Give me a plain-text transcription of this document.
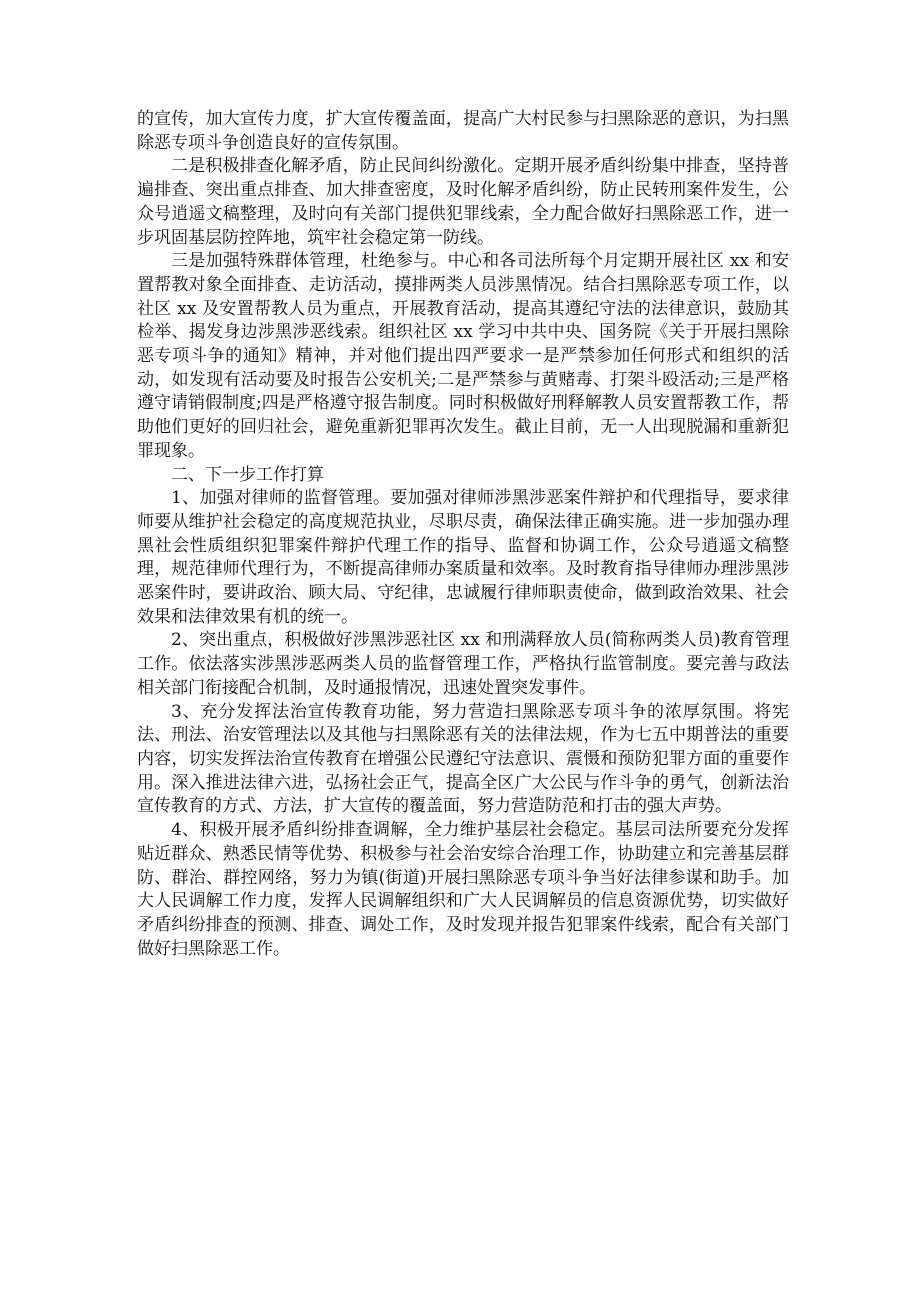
的宣传，加大宣传力度，扩大宣传覆盖面，提高广大村民参与扫黑除恶的意识，为扫黑除恶专项斗争创造良好的宣传氛围。

二是积极排查化解矛盾，防止民间纠纷激化。定期开展矛盾纠纷集中排查，坚持普遍排查、突出重点排查、加大排查密度，及时化解矛盾纠纷，防止民转刑案件发生，公众号逍遥文稿整理，及时向有关部门提供犯罪线索，全力配合做好扫黑除恶工作，进一步巩固基层防控阵地，筑牢社会稳定第一防线。

三是加强特殊群体管理，杜绝参与。中心和各司法所每个月定期开展社区 xx 和安置帮教对象全面排查、走访活动，摸排两类人员涉黑情况。结合扫黑除恶专项工作，以社区 xx 及安置帮教人员为重点，开展教育活动，提高其遵纪守法的法律意识，鼓励其检举、揭发身边涉黑涉恶线索。组织社区 xx 学习中共中央、国务院《关于开展扫黑除恶专项斗争的通知》精神，并对他们提出四严要求一是严禁参加任何形式和组织的活动，如发现有活动要及时报告公安机关;二是严禁参与黄赌毒、打架斗殴活动;三是严格遵守请销假制度;四是严格遵守报告制度。同时积极做好刑释解教人员安置帮教工作，帮助他们更好的回归社会，避免重新犯罪再次发生。截止目前，无一人出现脱漏和重新犯罪现象。

二、下一步工作打算

1、加强对律师的监督管理。要加强对律师涉黑涉恶案件辩护和代理指导，要求律师要从维护社会稳定的高度规范执业，尽职尽责，确保法律正确实施。进一步加强办理黑社会性质组织犯罪案件辩护代理工作的指导、监督和协调工作，公众号逍遥文稿整理，规范律师代理行为，不断提高律师办案质量和效率。及时教育指导律师办理涉黑涉恶案件时，要讲政治、顾大局、守纪律，忠诚履行律师职责使命，做到政治效果、社会效果和法律效果有机的统一。

2、突出重点，积极做好涉黑涉恶社区 xx 和刑满释放人员(简称两类人员)教育管理工作。依法落实涉黑涉恶两类人员的监督管理工作，严格执行监管制度。要完善与政法相关部门衔接配合机制，及时通报情况，迅速处置突发事件。

3、充分发挥法治宣传教育功能，努力营造扫黑除恶专项斗争的浓厚氛围。将宪法、刑法、治安管理法以及其他与扫黑除恶有关的法律法规，作为七五中期普法的重要内容，切实发挥法治宣传教育在增强公民遵纪守法意识、震慑和预防犯罪方面的重要作用。深入推进法律六进，弘扬社会正气，提高全区广大公民与作斗争的勇气，创新法治宣传教育的方式、方法，扩大宣传的覆盖面，努力营造防范和打击的强大声势。

4、积极开展矛盾纠纷排查调解，全力维护基层社会稳定。基层司法所要充分发挥贴近群众、熟悉民情等优势、积极参与社会治安综合治理工作，协助建立和完善基层群防、群治、群控网络，努力为镇(街道)开展扫黑除恶专项斗争当好法律参谋和助手。加大人民调解工作力度，发挥人民调解组织和广大人民调解员的信息资源优势，切实做好矛盾纠纷排查的预测、排查、调处工作，及时发现并报告犯罪案件线索，配合有关部门做好扫黑除恶工作。
